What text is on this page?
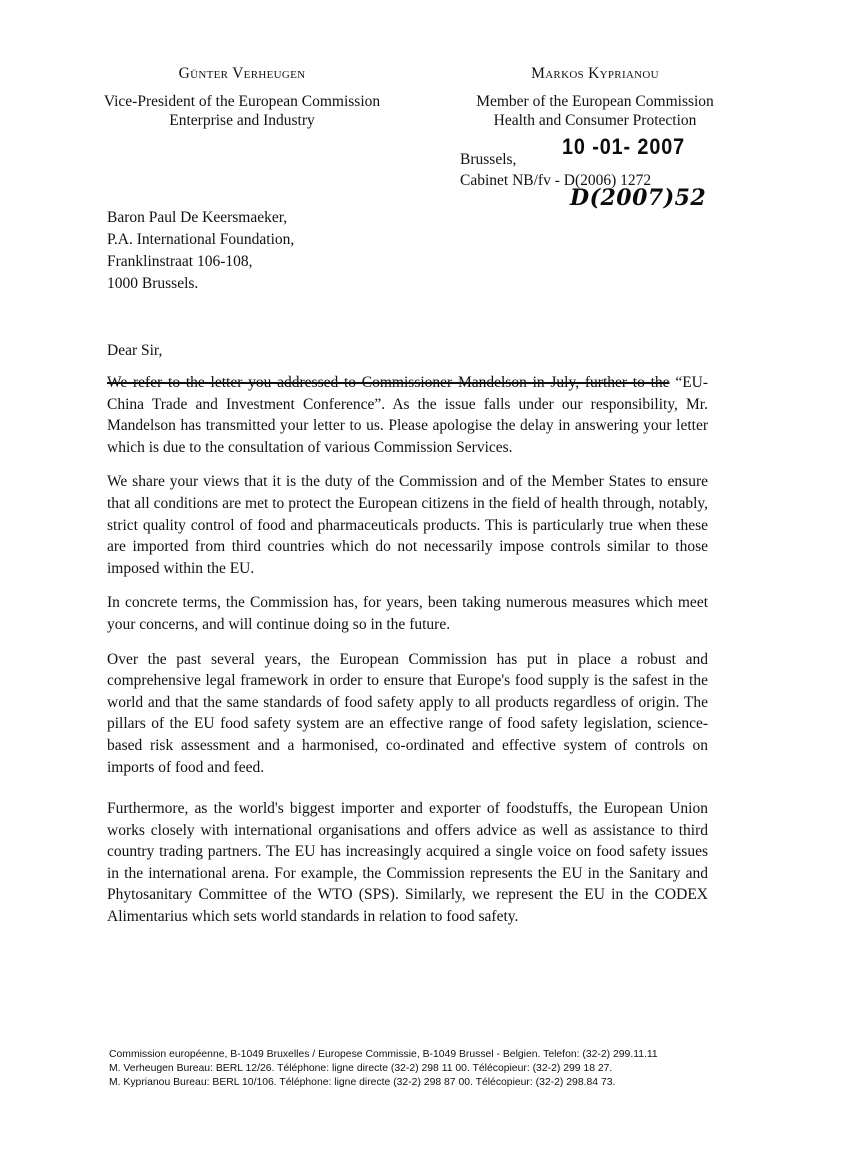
Günter Verheugen
Vice-President of the European Commission
Enterprise and Industry
Markos Kyprianou
Member of the European Commission
Health and Consumer Protection
10 -01- 2007
Brussels,
Cabinet NB/fv - D(2006) 1272
D(2007)52
Baron Paul De Keersmaeker,
P.A. International Foundation,
Franklinstraat 106-108,
1000 Brussels.
Dear Sir,

We refer to the letter you addressed to Commissioner Mandelson in July, further to the “EU-China Trade and Investment Conference”. As the issue falls under our responsibility, Mr. Mandelson has transmitted your letter to us. Please apologise the delay in answering your letter which is due to the consultation of various Commission Services.

We share your views that it is the duty of the Commission and of the Member States to ensure that all conditions are met to protect the European citizens in the field of health through, notably, strict quality control of food and pharmaceuticals products. This is particularly true when these are imported from third countries which do not necessarily impose controls similar to those imposed within the EU.

In concrete terms, the Commission has, for years, been taking numerous measures which meet your concerns, and will continue doing so in the future.

Over the past several years, the European Commission has put in place a robust and comprehensive legal framework in order to ensure that Europe's food supply is the safest in the world and that the same standards of food safety apply to all products regardless of origin. The pillars of the EU food safety system are an effective range of food safety legislation, science-based risk assessment and a harmonised, co-ordinated and effective system of controls on imports of food and feed.

Furthermore, as the world's biggest importer and exporter of foodstuffs, the European Union works closely with international organisations and offers advice as well as assistance to third country trading partners. The EU has increasingly acquired a single voice on food safety issues in the international arena. For example, the Commission represents the EU in the Sanitary and Phytosanitary Committee of the WTO (SPS). Similarly, we represent the EU in the CODEX Alimentarius which sets world standards in relation to food safety.

Commission européenne, B-1049 Bruxelles / Europese Commissie, B-1049 Brussel - Belgien. Telefon: (32-2) 299.11.11
M. Verheugen Bureau: BERL 12/26. Téléphone: ligne directe (32-2) 298 11 00. Télécopieur: (32-2) 299 18 27.
M. Kyprianou Bureau: BERL 10/106. Téléphone: ligne directe (32-2) 298 87 00. Télécopieur: (32-2) 298.84 73.
